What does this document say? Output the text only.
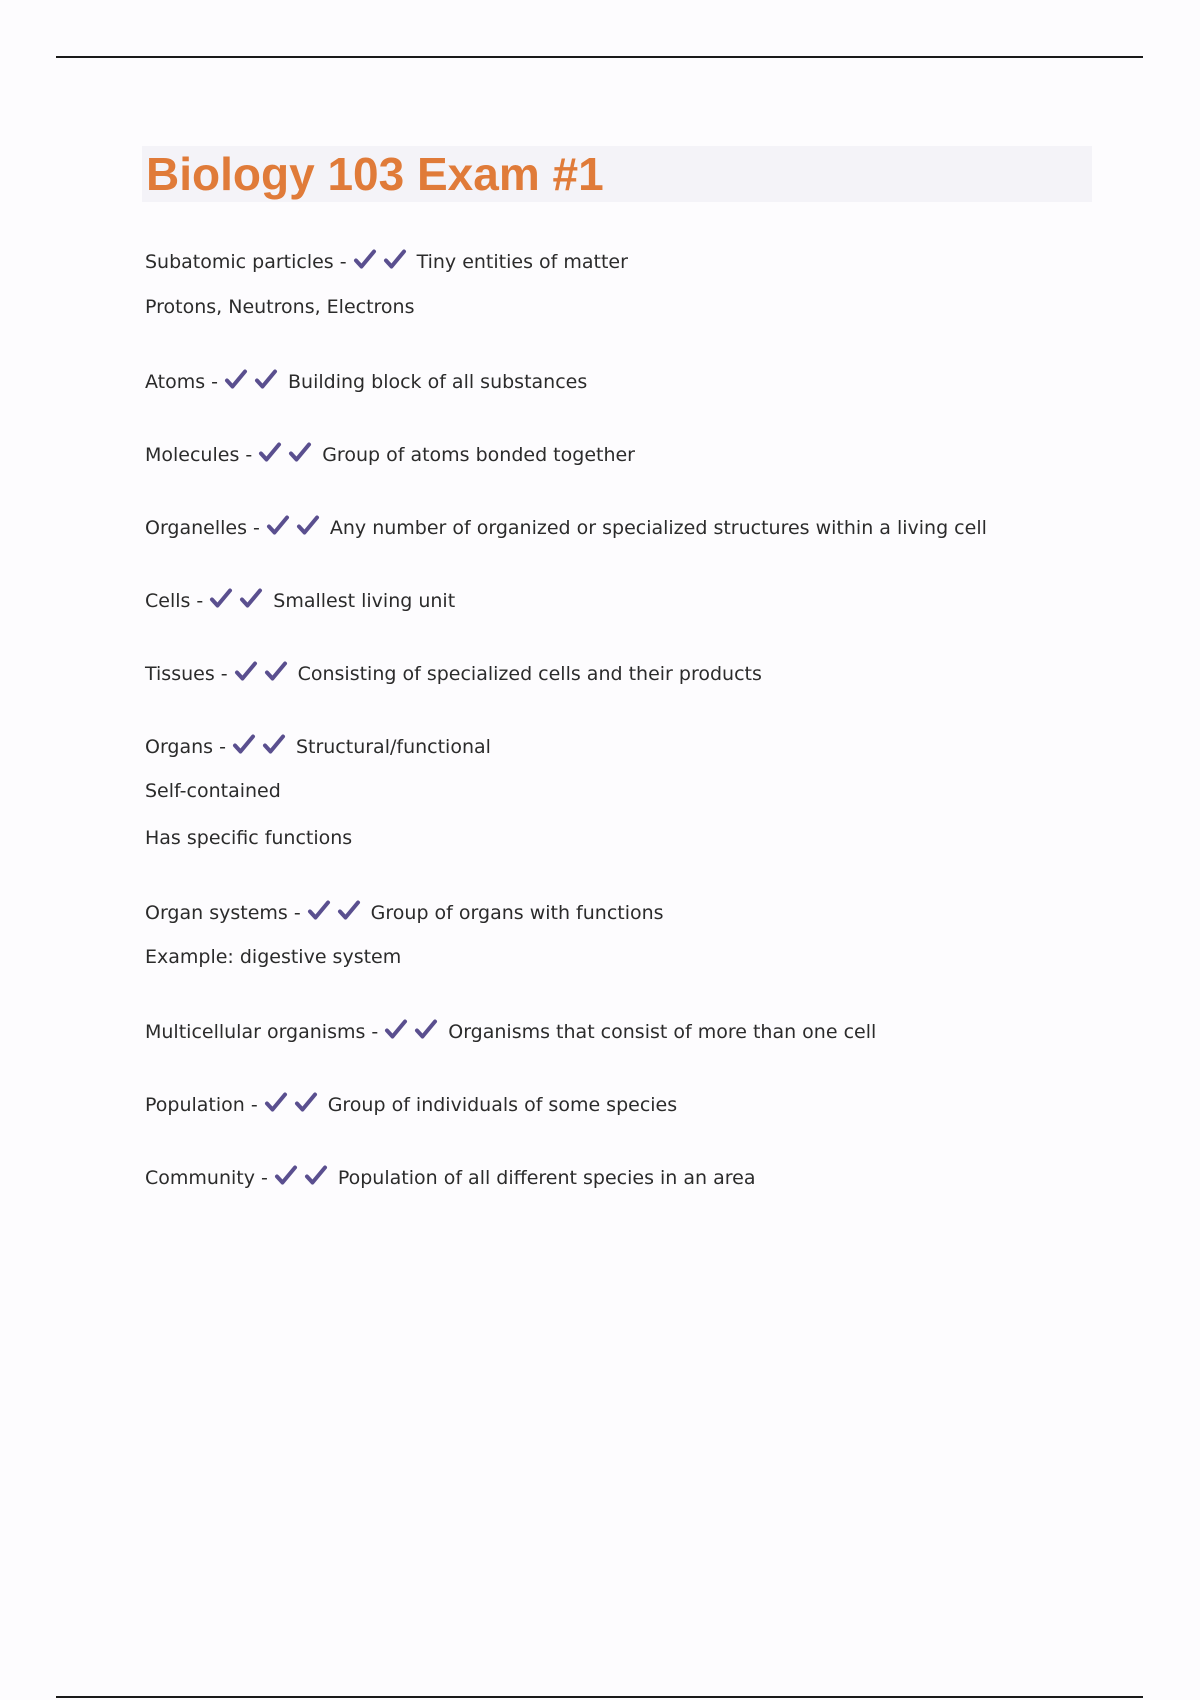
Biology 103 Exam #1
Subatomic particles -	Tiny entities of matter
Protons, Neutrons, Electrons
Atoms -	Building block of all substances
Molecules -	Group of atoms bonded together
Organelles -	Any number of organized or specialized structures within a living cell
Cells -	Smallest living unit
Tissues -	Consisting of specialized cells and their products
Organs -	Structural/functional
Self-contained
Has specific functions
Organ systems -	Group of organs with functions
Example: digestive system
Multicellular organisms -	Organisms that consist of more than one cell
Population -	Group of individuals of some species
Community -	Population of all different species in an area
